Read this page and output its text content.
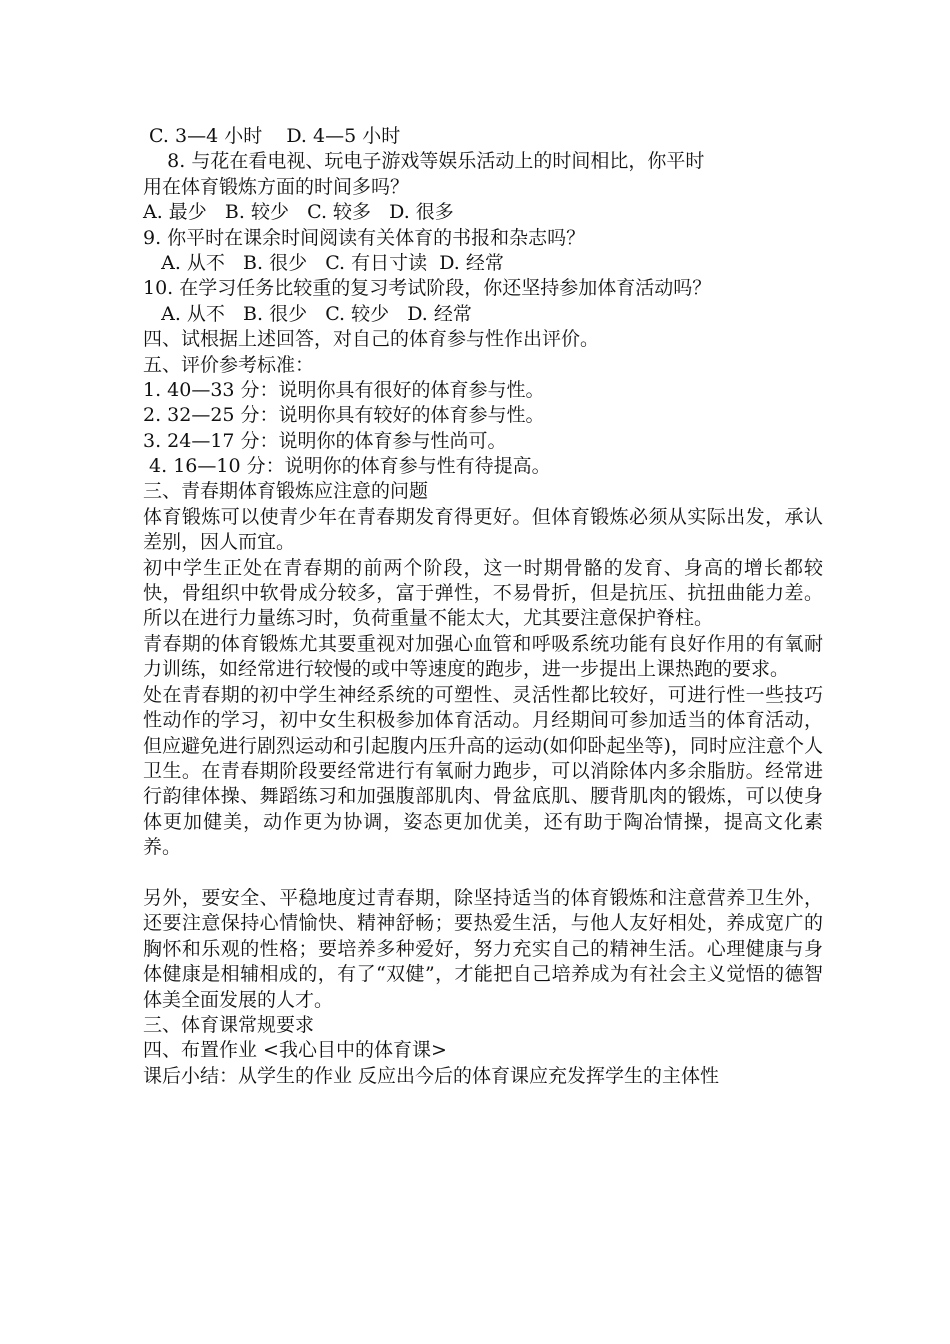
C. 3—4 小时    D. 4—5 小时
8. 与花在看电视、玩电子游戏等娱乐活动上的时间相比，你平时
用在体育锻炼方面的时间多吗？
A. 最少   B. 较少   C. 较多   D. 很多
9. 你平时在课余时间阅读有关体育的书报和杂志吗？
A. 从不   B. 很少   C. 有日寸读  D. 经常
10. 在学习任务比较重的复习考试阶段，你还坚持参加体育活动吗？
A. 从不   B. 很少   C. 较少   D. 经常
四、试根据上述回答，对自己的体育参与性作出评价。
五、评价参考标准：
1. 40—33 分：说明你具有很好的体育参与性。
2. 32—25 分：说明你具有较好的体育参与性。
3. 24—17 分：说明你的体育参与性尚可。
4. 16—10 分：说明你的体育参与性有待提高。
三、青春期体育锻炼应注意的问题
体育锻炼可以使青少年在青春期发育得更好。但体育锻炼必须从实际出发，承认差别，因人而宜。
初中学生正处在青春期的前两个阶段，这一时期骨骼的发育、身高的增长都较快，骨组织中软骨成分较多，富于弹性，不易骨折，但是抗压、抗扭曲能力差。所以在进行力量练习时，负荷重量不能太大，尤其要注意保护脊柱。
青春期的体育锻炼尤其要重视对加强心血管和呼吸系统功能有良好作用的有氧耐力训练，如经常进行较慢的或中等速度的跑步，进一步提出上课热跑的要求。
处在青春期的初中学生神经系统的可塑性、灵活性都比较好，可进行性一些技巧性动作的学习，初中女生积极参加体育活动。月经期间可参加适当的体育活动，但应避免进行剧烈运动和引起腹内压升高的运动(如仰卧起坐等)，同时应注意个人卫生。在青春期阶段要经常进行有氧耐力跑步，可以消除体内多余脂肪。经常进行韵律体操、舞蹈练习和加强腹部肌肉、骨盆底肌、腰背肌肉的锻炼，可以使身体更加健美，动作更为协调，姿态更加优美，还有助于陶冶情操，提高文化素养。
另外，要安全、平稳地度过青春期，除坚持适当的体育锻炼和注意营养卫生外，还要注意保持心情愉快、精神舒畅；要热爱生活，与他人友好相处，养成宽广的胸怀和乐观的性格；要培养多种爱好，努力充实自己的精神生活。心理健康与身体健康是相辅相成的，有了“双健”，才能把自己培养成为有社会主义觉悟的德智体美全面发展的人才。
三、体育课常规要求
四、布置作业 <我心目中的体育课>
课后小结：从学生的作业 反应出今后的体育课应充发挥学生的主体性
